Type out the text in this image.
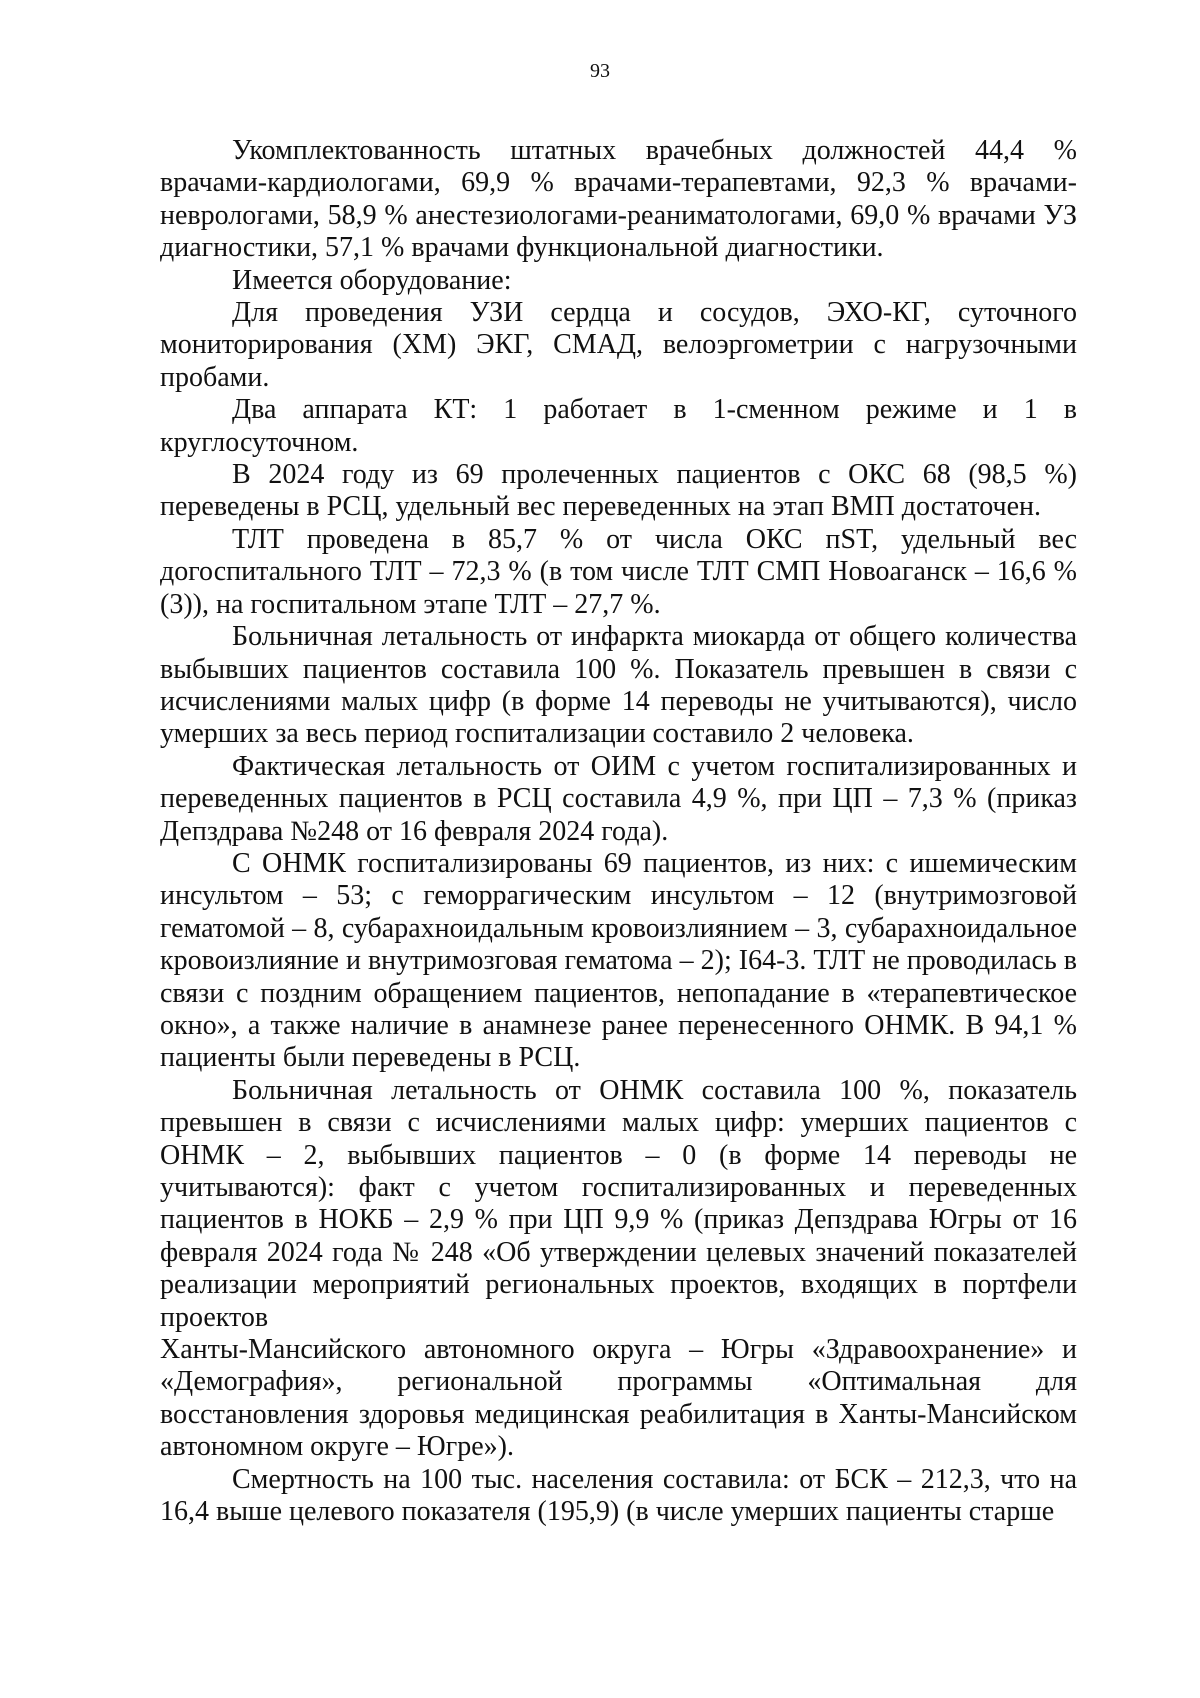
93

Укомплектованность штатных врачебных должностей 44,4 % врачами-кардиологами, 69,9 % врачами-терапевтами, 92,3 % врачами-неврологами, 58,9 % анестезиологами-реаниматологами, 69,0 % врачами УЗ диагностики, 57,1 % врачами функциональной диагностики.

Имеется оборудование:

Для проведения УЗИ сердца и сосудов, ЭХО-КГ, суточного мониторирования (ХМ) ЭКГ, СМАД, велоэргометрии с нагрузочными пробами.

Два аппарата КТ: 1 работает в 1-сменном режиме и 1 в круглосуточном.

В 2024 году из 69 пролеченных пациентов с ОКС 68 (98,5 %) переведены в РСЦ, удельный вес переведенных на этап ВМП достаточен.

ТЛТ проведена в 85,7 % от числа ОКС пST, удельный вес догоспитального ТЛТ – 72,3 % (в том числе ТЛТ СМП Новоаганск – 16,6 % (3)), на госпитальном этапе ТЛТ – 27,7 %.

Больничная летальность от инфаркта миокарда от общего количества выбывших пациентов составила 100 %. Показатель превышен в связи с исчислениями малых цифр (в форме 14 переводы не учитываются), число умерших за весь период госпитализации составило 2 человека.

Фактическая летальность от ОИМ с учетом госпитализированных и переведенных пациентов в РСЦ составила 4,9 %, при ЦП – 7,3 % (приказ Депздрава №248 от 16 февраля 2024 года).

С ОНМК госпитализированы 69 пациентов, из них: с ишемическим инсультом – 53; с геморрагическим инсультом – 12 (внутримозговой гематомой – 8, субарахноидальным кровоизлиянием – 3, субарахноидальное кровоизлияние и внутримозговая гематома – 2); I64-3. ТЛТ не проводилась в связи с поздним обращением пациентов, непопадание в «терапевтическое окно», а также наличие в анамнезе ранее перенесенного ОНМК. В 94,1 % пациенты были переведены в РСЦ.

Больничная летальность от ОНМК составила 100 %, показатель превышен в связи с исчислениями малых цифр: умерших пациентов с ОНМК – 2, выбывших пациентов – 0 (в форме 14 переводы не учитываются): факт с учетом госпитализированных и переведенных пациентов в НОКБ – 2,9 % при ЦП 9,9 % (приказ Депздрава Югры от 16 февраля 2024 года № 248 «Об утверждении целевых значений показателей реализации мероприятий региональных проектов, входящих в портфели проектов

Ханты-Мансийского автономного округа – Югры «Здравоохранение» и «Демография», региональной программы «Оптимальная для восстановления здоровья медицинская реабилитация в Ханты-Мансийском автономном округе – Югре»).

Смертность на 100 тыс. населения составила: от БСК – 212,3, что на 16,4 выше целевого показателя (195,9) (в числе умерших пациенты старше
